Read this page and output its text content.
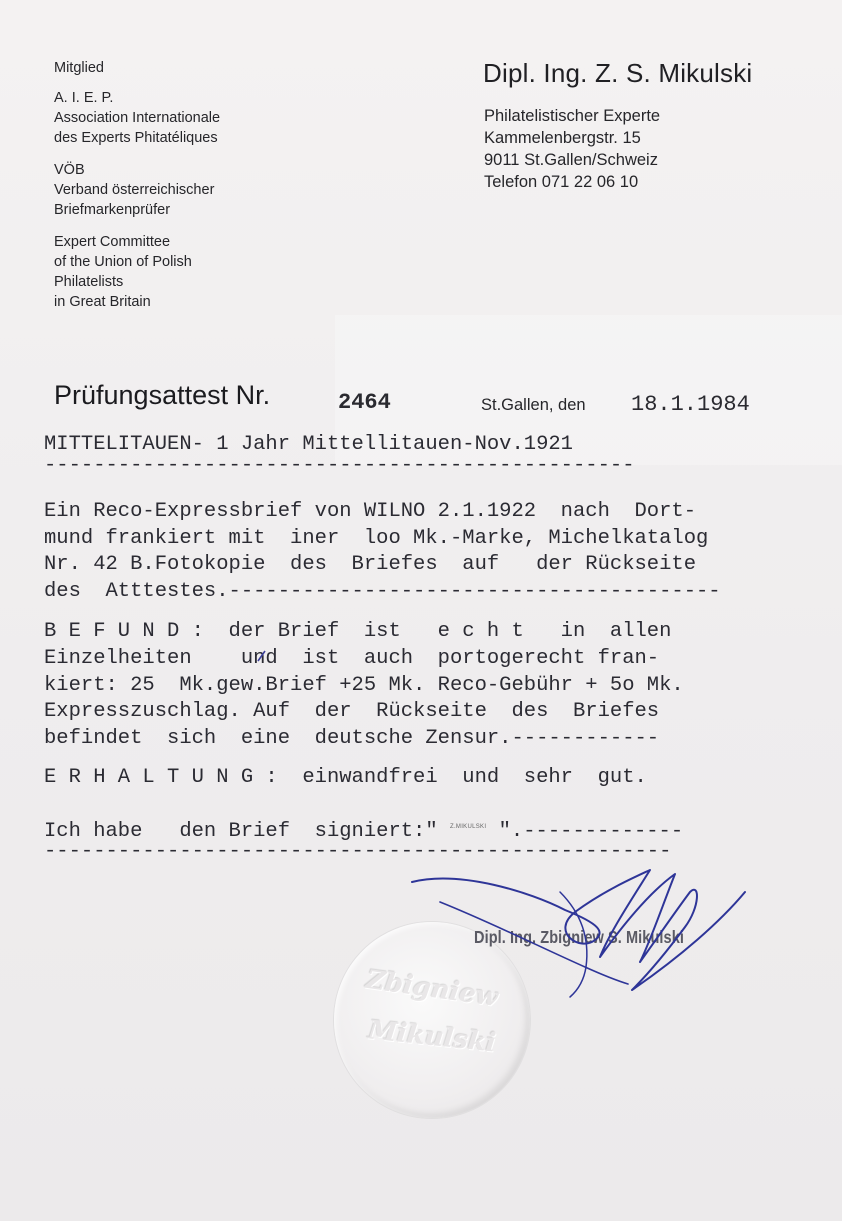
Mitglied
A. I. E. P.
Association Internationale
des Experts Phitatéliques
VÖB
Verband österreichischer
Briefmarkenprüfer
Expert Committee
of the Union of Polish
Philatelists
in Great Britain
Dipl. Ing. Z. S. Mikulski
Philatelistischer Experte
Kammelenbergstr. 15
9011 St.Gallen/Schweiz
Telefon 071 22 06 10
Prüfungsattest Nr.	2464	St.Gallen, den 18.1.1984
MITTELITAUEN- 1 Jahr Mittellitauen-Nov.1921
------------------------------------------------
Ein Reco-Expressbrief von WILNO 2.1.1922  nach  Dort-
mund frankiert mit  iner  loo Mk.-Marke, Michelkatalog
Nr. 42 B.Fotokopie  des  Briefes  auf   der Rückseite
des  Atttestes.----------------------------------------
B E F U N D :  der Brief  ist   e c h t   in  allen
Einzelheiten    und  ist  auch  portogerecht fran-
kiert: 25  Mk.gew.Brief +25 Mk. Reco-Gebühr + 5o Mk.
Expresszuschlag. Auf  der  Rückseite  des  Briefes
befindet  sich  eine  deutsche Zensur.------------
E R H A L T U N G :  einwandfrei  und  sehr  gut.
Ich habe   den Brief  signiert:" Z.MIKULSKI ".-------------
---------------------------------------------------
Zbigniew
Mikulski
Dipl. Ing. Zbigniew S. Mikulski
